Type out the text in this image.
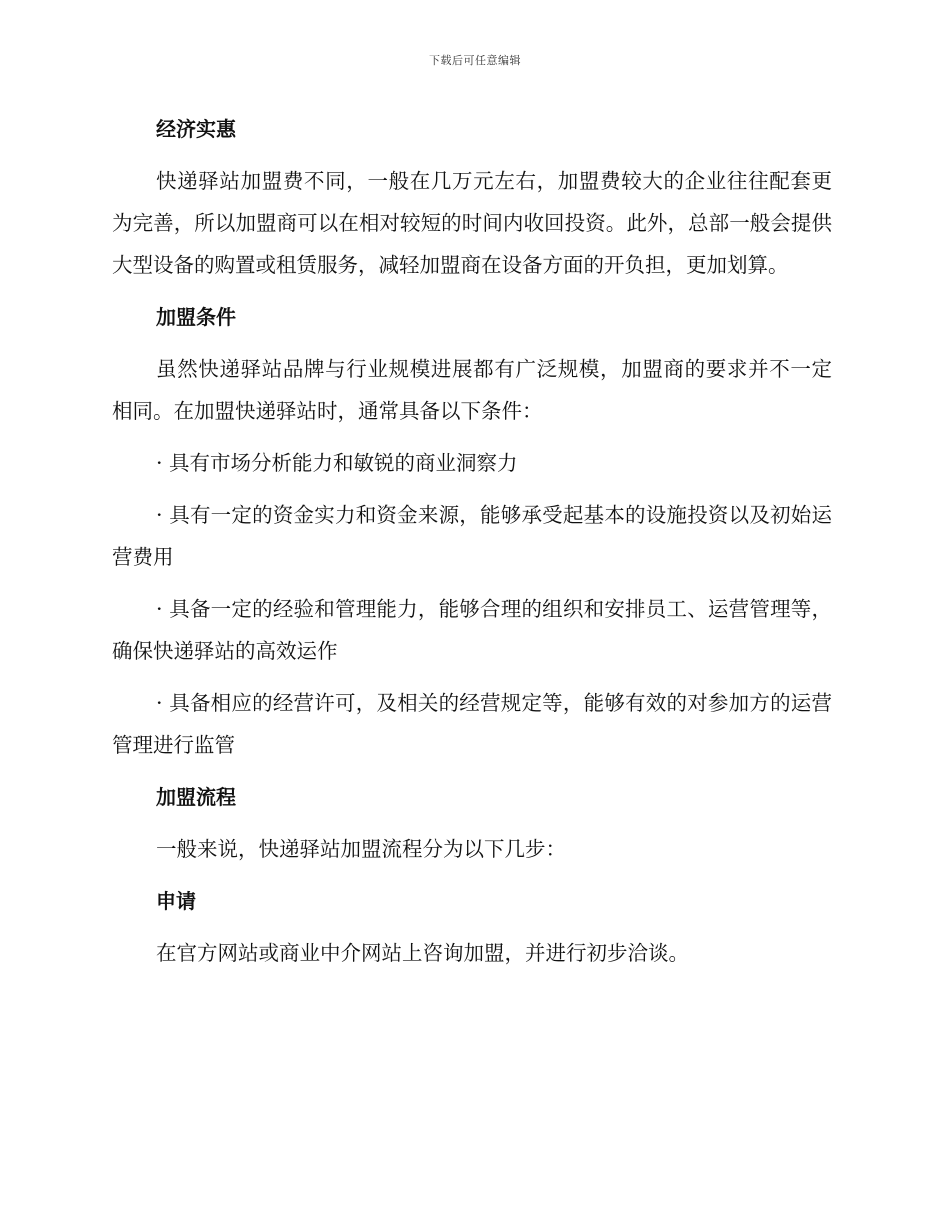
下载后可任意编辑
经济实惠

快递驿站加盟费不同，一般在几万元左右，加盟费较大的企业往往配套更为完善，所以加盟商可以在相对较短的时间内收回投资。此外，总部一般会提供大型设备的购置或租赁服务，减轻加盟商在设备方面的开负担，更加划算。

加盟条件

虽然快递驿站品牌与行业规模进展都有广泛规模，加盟商的要求并不一定相同。在加盟快递驿站时，通常具备以下条件：

· 具有市场分析能力和敏锐的商业洞察力

· 具有一定的资金实力和资金来源，能够承受起基本的设施投资以及初始运营费用

· 具备一定的经验和管理能力，能够合理的组织和安排员工、运营管理等，确保快递驿站的高效运作

· 具备相应的经营许可，及相关的经营规定等，能够有效的对参加方的运营管理进行监管

加盟流程

一般来说，快递驿站加盟流程分为以下几步：

申请

在官方网站或商业中介网站上咨询加盟，并进行初步洽谈。
